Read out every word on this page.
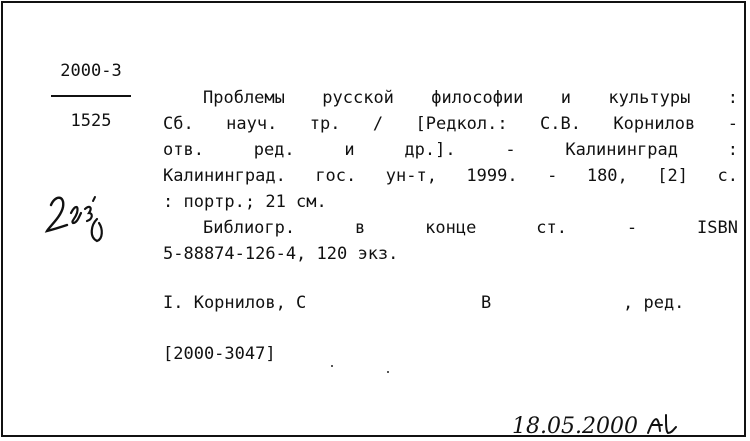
2000-3
1525
Проблемы русской философии и культуры :
Сб. науч. тр. / [Редкол.: С.В. Корнилов -
отв.	ред.	и	др.].	-	Калининград	:
Калининград. гос. ун-т, 1999. - 180, [2] с.
: портр.; 21 см.
Библиогр.	в	конце	ст.	-	ISBN
5-88874-126-4, 120 экз.
I. Корнилов, С	В	, ред.
[2000-3047]
18.05.2000
